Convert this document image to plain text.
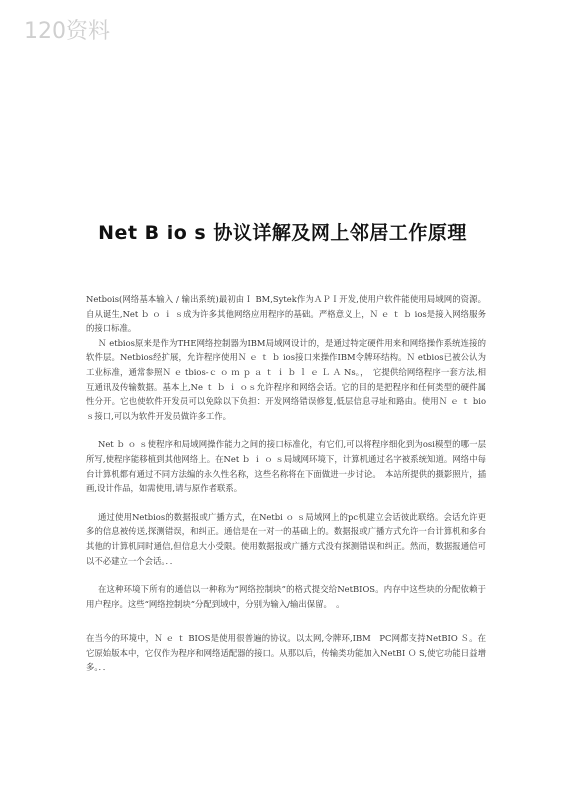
120资料
Net B io s 协议详解及网上邻居工作原理

Netbois(网络基本输入 / 输出系统)最初由Ｉ BM,Sytek作为ＡＰＩ开发,使用户软件能使用局域网的资源。自从诞生,Net ｂ ｏ ｉ ｓ成为许多其他网络应用程序的基础。严格意义上，Ｎ ｅ ｔ ｂ ios是接入网络服务的接口标准。

Ｎ etbios原来是作为THE网络控制器为IBM局域网设计的，是通过特定硬件用来和网络操作系统连接的软件层。Netbios经扩展，允许程序使用Ｎ ｅ ｔ ｂ ios接口来操作IBM令牌环结构。Ｎ etbios已被公认为工业标准，通常参照Ｎ ｅ tbios-ｃ ｏ ｍ ｐ ａ ｔ ｉ ｂ ｌ ｅ Ｌ Ａ Ns。，　它提供给网络程序一套方法,相互通讯及传输数据。基本上,Ne ｔ ｂ ｉ ｏｓ允许程序和网络会话。它的目的是把程序和任何类型的硬件属性分开。它也使软件开发员可以免除以下负担：开发网络错误修复,低层信息寻址和路由。使用Ｎ ｅ ｔ bio ｓ接口,可以为软件开发员做许多工作。

Net ｂ ｏ ｓ使程序和局域网操作能力之间的接口标准化，有它们,可以将程序细化到为osi模型的哪一层所写,使程序能移植到其他网络上。在Net ｂ ｉ ｏ ｓ局域网环境下，计算机通过名字被系统知道。网络中每台计算机都有通过不同方法编的永久性名称，这些名称将在下面做进一步讨论。　本站所提供的摄影照片，插画,设计作品，如需使用,请与原作者联系。

通过使用Netbios的数据报或广播方式，在Netbi ｏ ｓ局域网上的pc机建立会话彼此联络。会话允许更多的信息被传送,探测错误，和纠正。通信是在一对一的基础上的。数据报或广播方式允许一台计算机和多台其他的计算机同时通信,但信息大小受限。使用数据报或广播方式没有探测错误和纠正。然而，数据报通信可以不必建立一个会话。．．

在这种环境下所有的通信以一种称为“网络控制块”的格式提交给NetBIOS。内存中这些块的分配依赖于用户程序。这些“网络控制块”分配到域中，分别为输入/输出保留。　。

在当今的环境中，Ｎ ｅ ｔ BIOS是使用很普遍的协议。以太网,令牌环,IBM　PC网都支持NetBIO Ｓ。在它原始版本中，它仅作为程序和网络适配器的接口。从那以后，传输类功能加入NetBI Ｏ S,使它功能日益增多。．．
